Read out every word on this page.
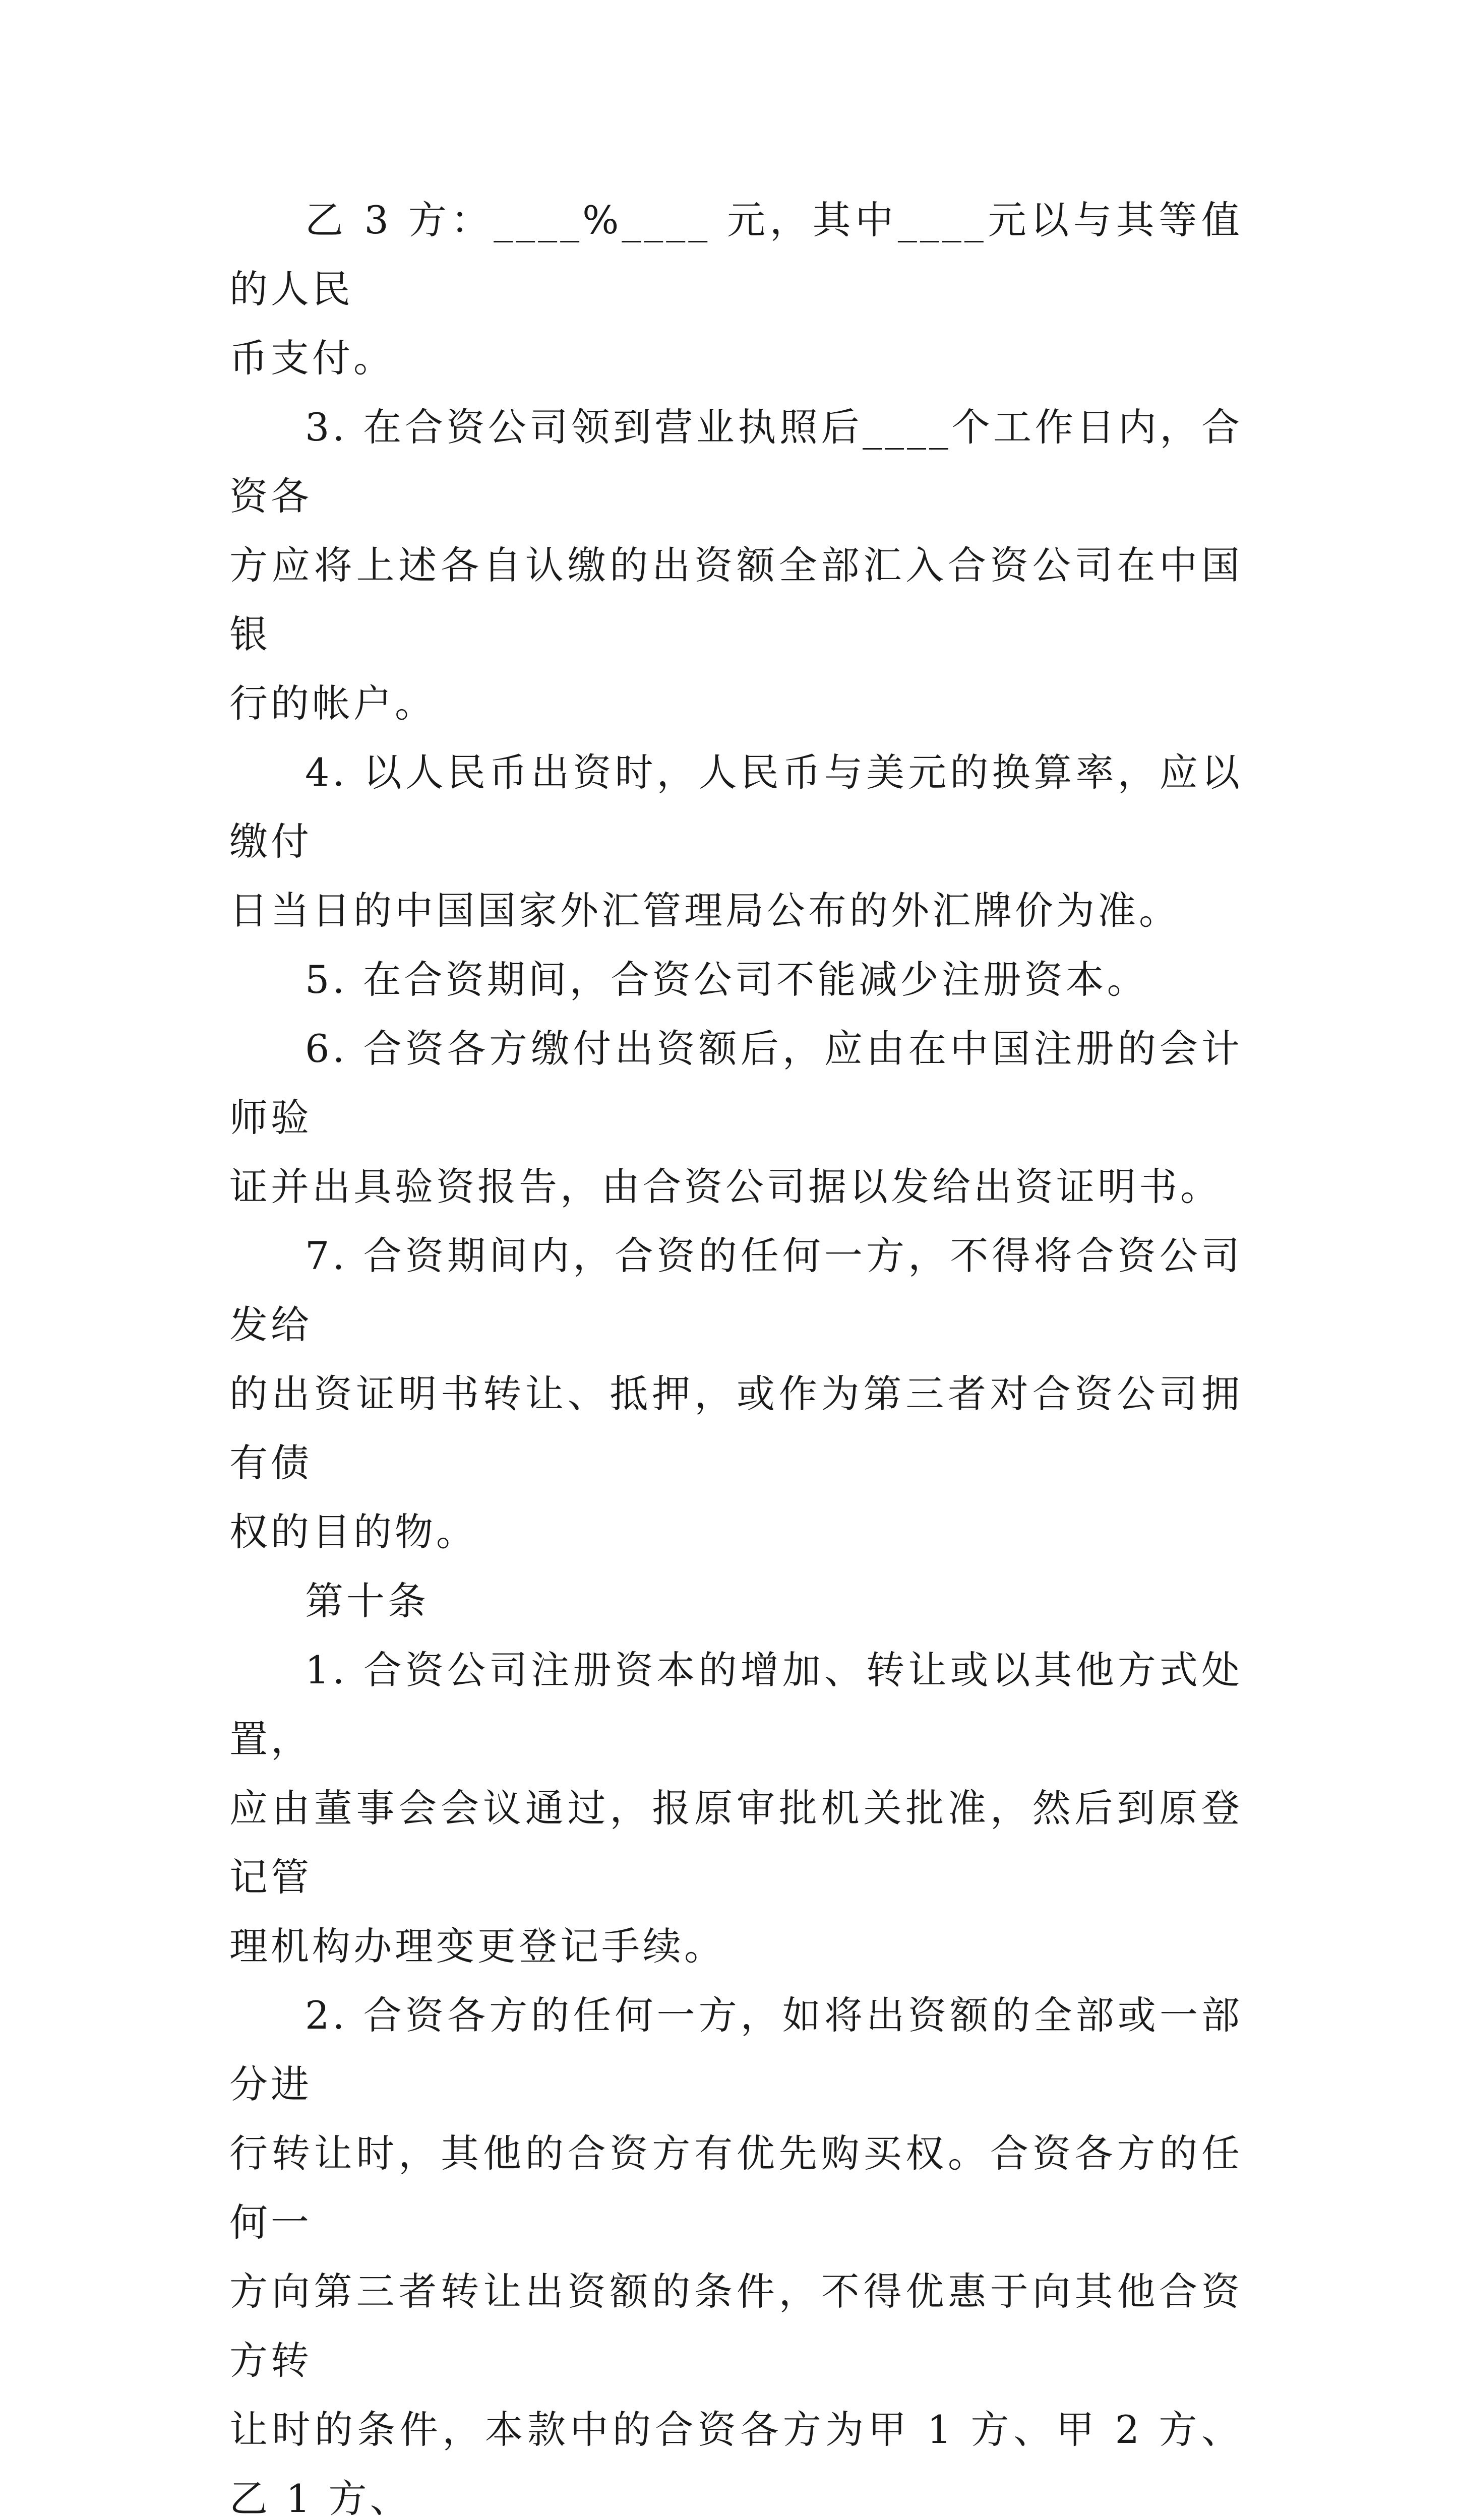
乙 3 方：____%____ 元，其中____元以与其等值的人民
币支付。

3. 在合资公司领到营业执照后____个工作日内，合资各
方应将上述各自认缴的出资额全部汇入合资公司在中国银
行的帐户。

4. 以人民币出资时，人民币与美元的换算率，应以缴付
日当日的中国国家外汇管理局公布的外汇牌价为准。

5. 在合资期间，合资公司不能减少注册资本。

6. 合资各方缴付出资额后，应由在中国注册的会计师验
证并出具验资报告，由合资公司据以发给出资证明书。

7. 合资期间内，合资的任何一方，不得将合资公司发给
的出资证明书转让、抵押，或作为第三者对合资公司拥有债
权的目的物。

第十条

1. 合资公司注册资本的增加、转让或以其他方式处置，
应由董事会会议通过，报原审批机关批准，然后到原登记管
理机构办理变更登记手续。

2. 合资各方的任何一方，如将出资额的全部或一部分进
行转让时，其他的合资方有优先购买权。合资各方的任何一
方向第三者转让出资额的条件，不得优惠于向其他合资方转
让时的条件，本款中的合资各方为甲 1 方、甲 2 方、乙 1 方、
